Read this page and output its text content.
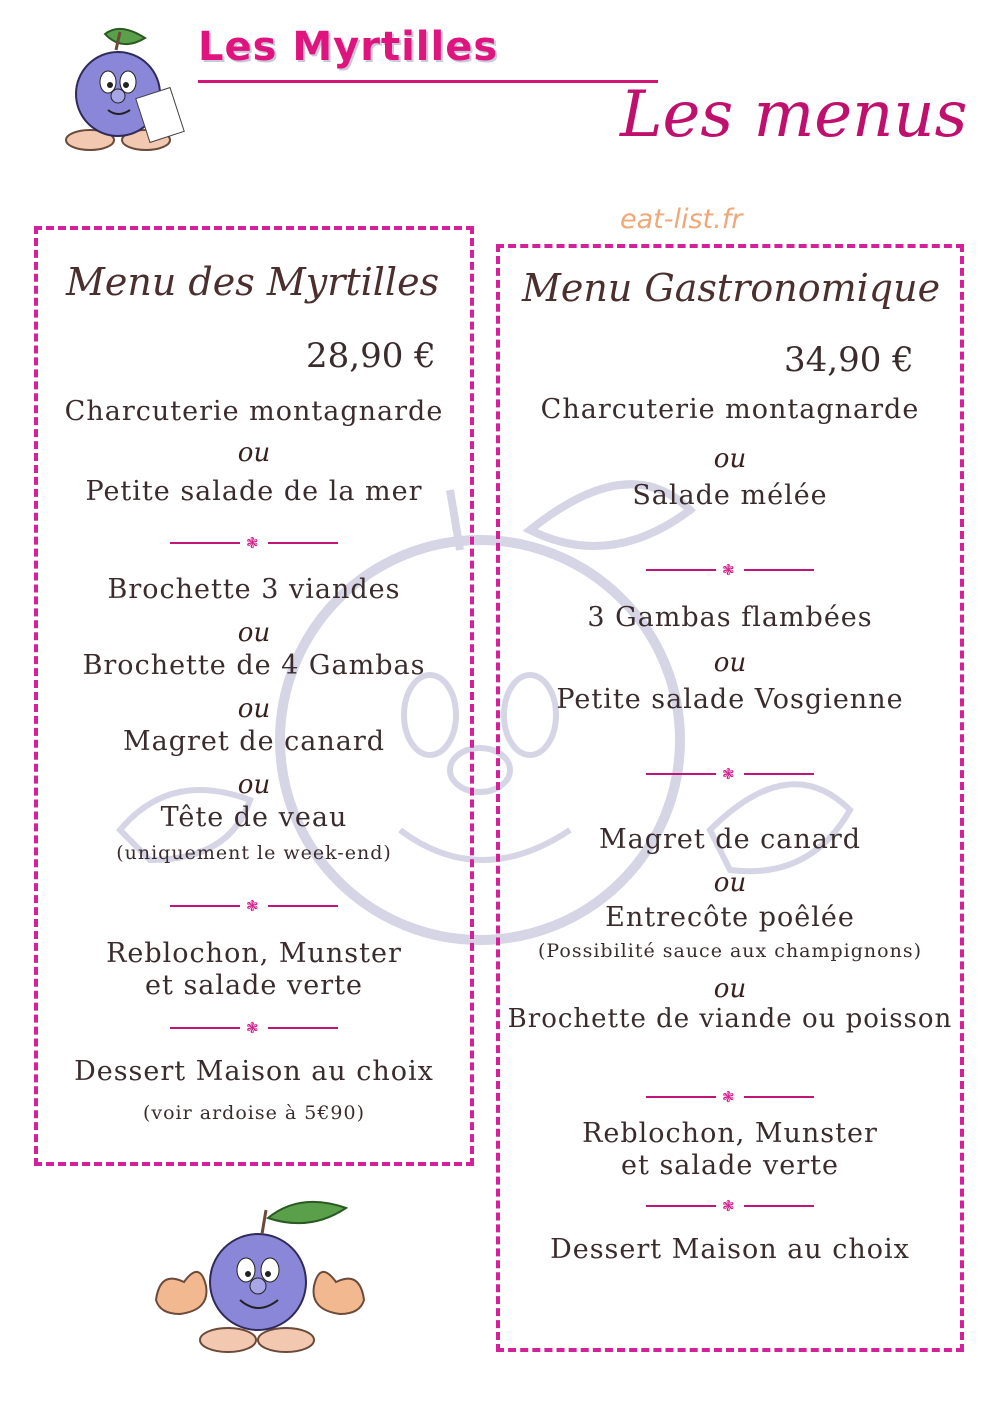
Les Myrtilles
Les menus
eat-list.fr
Menu des Myrtilles
28,90 €
Charcuterie montagnarde
ou
Petite salade de la mer
❃
Brochette 3 viandes
ou
Brochette de 4 Gambas
ou
Magret de canard
ou
Tête de veau
(uniquement le week-end)
❃
Reblochon, Munster
et salade verte
❃
Dessert Maison au choix
(voir ardoise à 5€90)
Menu Gastronomique
34,90 €
Charcuterie montagnarde
ou
Salade mélée
❃
3 Gambas flambées
ou
Petite salade Vosgienne
❃
Magret de canard
ou
Entrecôte poêlée
(Possibilité sauce aux champignons)
ou
Brochette de viande ou poisson
❃
Reblochon, Munster
et salade verte
❃
Dessert Maison au choix
